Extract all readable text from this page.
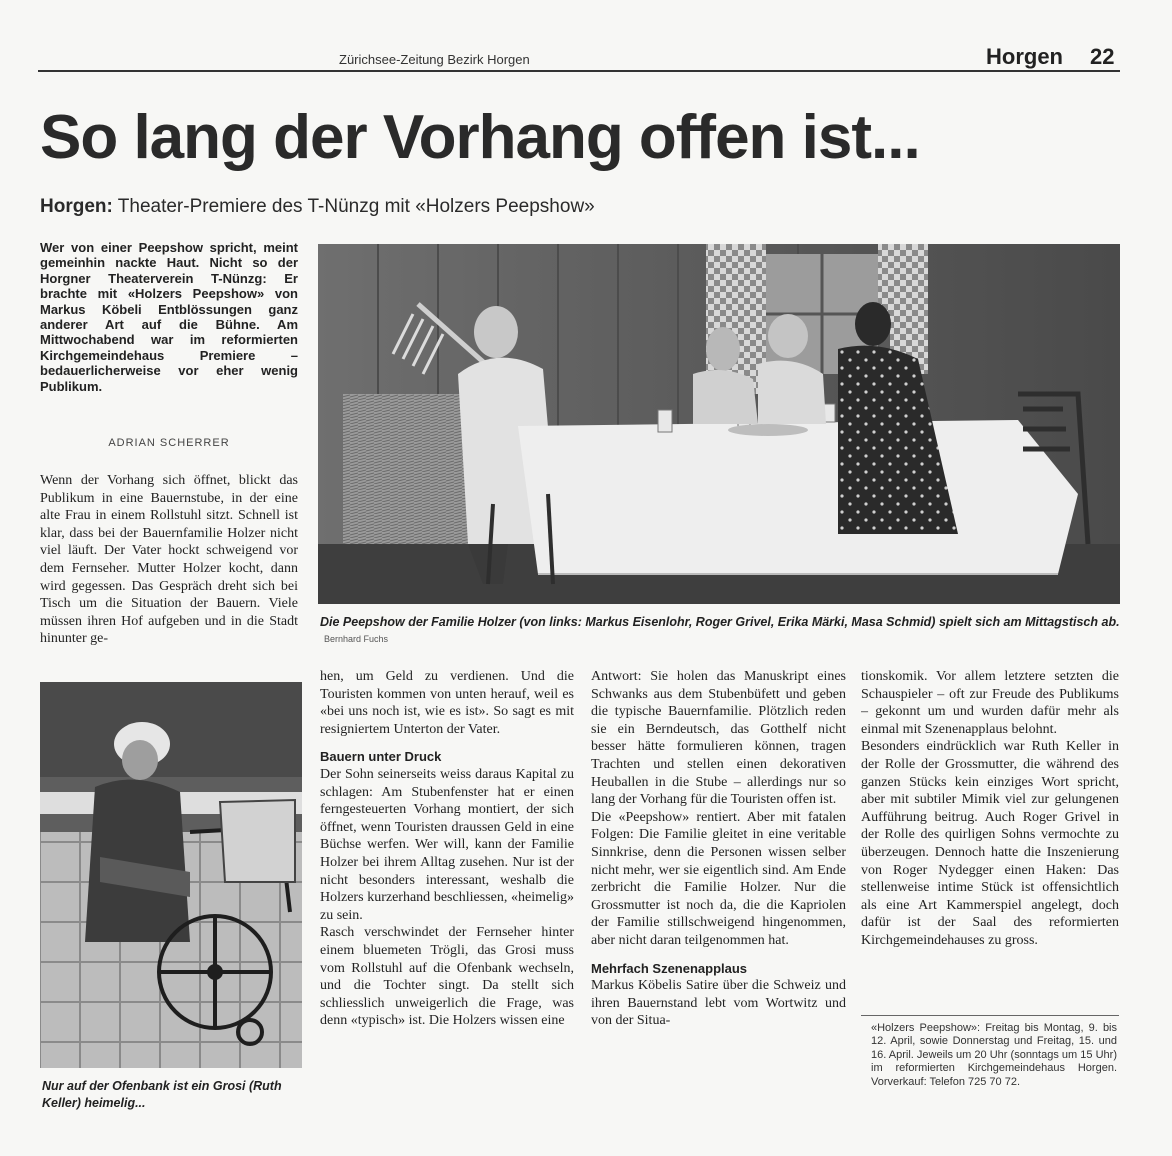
Zürichsee-Zeitung Bezirk Horgen	Horgen 22
So lang der Vorhang offen ist...
Horgen: Theater-Premiere des T-Nünzg mit «Holzers Peepshow»
Wer von einer Peepshow spricht, meint gemeinhin nackte Haut. Nicht so der Horgner Theaterverein T-Nünzg: Er brachte mit «Holzers Peepshow» von Markus Köbeli Entblössungen ganz anderer Art auf die Bühne. Am Mittwochabend war im reformierten Kirchgemeindehaus Premiere – bedauerlicherweise vor eher wenig Publikum.
ADRIAN SCHERRER

Wenn der Vorhang sich öffnet, blickt das Publikum in eine Bauernstube, in der eine alte Frau in einem Rollstuhl sitzt. Schnell ist klar, dass bei der Bauernfamilie Holzer nicht viel läuft. Der Vater hockt schweigend vor dem Fernseher. Mutter Holzer kocht, dann wird gegessen. Das Gespräch dreht sich bei Tisch um die Situation der Bauern. Viele müssen ihren Hof aufgeben und in die Stadt hinunter ge-

Die Peepshow der Familie Holzer (von links: Markus Eisenlohr, Roger Grivel, Erika Märki, Masa Schmid) spielt sich am Mittagstisch ab. Bernhard Fuchs
Nur auf der Ofenbank ist ein Grosi (Ruth Keller) heimelig...

hen, um Geld zu verdienen. Und die Touristen kommen von unten herauf, weil es «bei uns noch ist, wie es ist». So sagt es mit resigniertem Unterton der Vater.

Bauern unter Druck

Der Sohn seinerseits weiss daraus Kapital zu schlagen: Am Stubenfenster hat er einen ferngesteuerten Vorhang montiert, der sich öffnet, wenn Touristen draussen Geld in eine Büchse werfen. Wer will, kann der Familie Holzer bei ihrem Alltag zusehen. Nur ist der nicht besonders interessant, weshalb die Holzers kurzerhand beschliessen, «heimelig» zu sein.

Rasch verschwindet der Fernseher hinter einem bluemeten Trögli, das Grosi muss vom Rollstuhl auf die Ofenbank wechseln, und die Tochter singt. Da stellt sich schliesslich unweigerlich die Frage, was denn «typisch» ist. Die Holzers wissen eine

Antwort: Sie holen das Manuskript eines Schwanks aus dem Stubenbüfett und geben die typische Bauernfamilie. Plötzlich reden sie ein Berndeutsch, das Gotthelf nicht besser hätte formulieren können, tragen Trachten und stellen einen dekorativen Heuballen in die Stube – allerdings nur so lang der Vorhang für die Touristen offen ist.

Die «Peepshow» rentiert. Aber mit fatalen Folgen: Die Familie gleitet in eine veritable Sinnkrise, denn die Personen wissen selber nicht mehr, wer sie eigentlich sind. Am Ende zerbricht die Familie Holzer. Nur die Grossmutter ist noch da, die die Kapriolen der Familie stillschweigend hingenommen, aber nicht daran teilgenommen hat.

Mehrfach Szenenapplaus

Markus Köbelis Satire über die Schweiz und ihren Bauernstand lebt vom Wortwitz und von der Situa-

tionskomik. Vor allem letztere setzten die Schauspieler – oft zur Freude des Publikums – gekonnt um und wurden dafür mehr als einmal mit Szenenapplaus belohnt.

Besonders eindrücklich war Ruth Keller in der Rolle der Grossmutter, die während des ganzen Stücks kein einziges Wort spricht, aber mit subtiler Mimik viel zur gelungenen Aufführung beitrug. Auch Roger Grivel in der Rolle des quirligen Sohns vermochte zu überzeugen. Dennoch hatte die Inszenierung von Roger Nydegger einen Haken: Das stellenweise intime Stück ist offensichtlich als eine Art Kammerspiel angelegt, doch dafür ist der Saal des reformierten Kirchgemeindehauses zu gross.

«Holzers Peepshow»: Freitag bis Montag, 9. bis 12. April, sowie Donnerstag und Freitag, 15. und 16. April. Jeweils um 20 Uhr (sonntags um 15 Uhr) im reformierten Kirchgemeindehaus Horgen. Vorverkauf: Telefon 725 70 72.
